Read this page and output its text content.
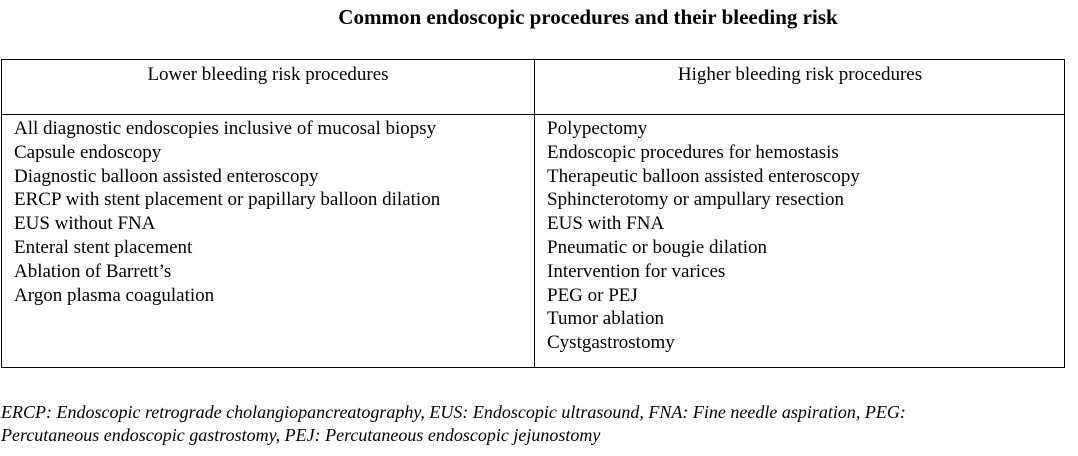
Common endoscopic procedures and their bleeding risk
Lower bleeding risk procedures	Higher bleeding risk procedures
All diagnostic endoscopies inclusive of mucosal biopsy
Capsule endoscopy
Diagnostic balloon assisted enteroscopy
ERCP with stent placement or papillary balloon dilation
EUS without FNA
Enteral stent placement
Ablation of Barrett’s
Argon plasma coagulation
Polypectomy
Endoscopic procedures for hemostasis
Therapeutic balloon assisted enteroscopy
Sphincterotomy or ampullary resection
EUS with FNA
Pneumatic or bougie dilation
Intervention for varices
PEG or PEJ
Tumor ablation
Cystgastrostomy
ERCP: Endoscopic retrograde cholangiopancreatography, EUS: Endoscopic ultrasound, FNA: Fine needle aspiration, PEG:
Percutaneous endoscopic gastrostomy, PEJ: Percutaneous endoscopic jejunostomy
